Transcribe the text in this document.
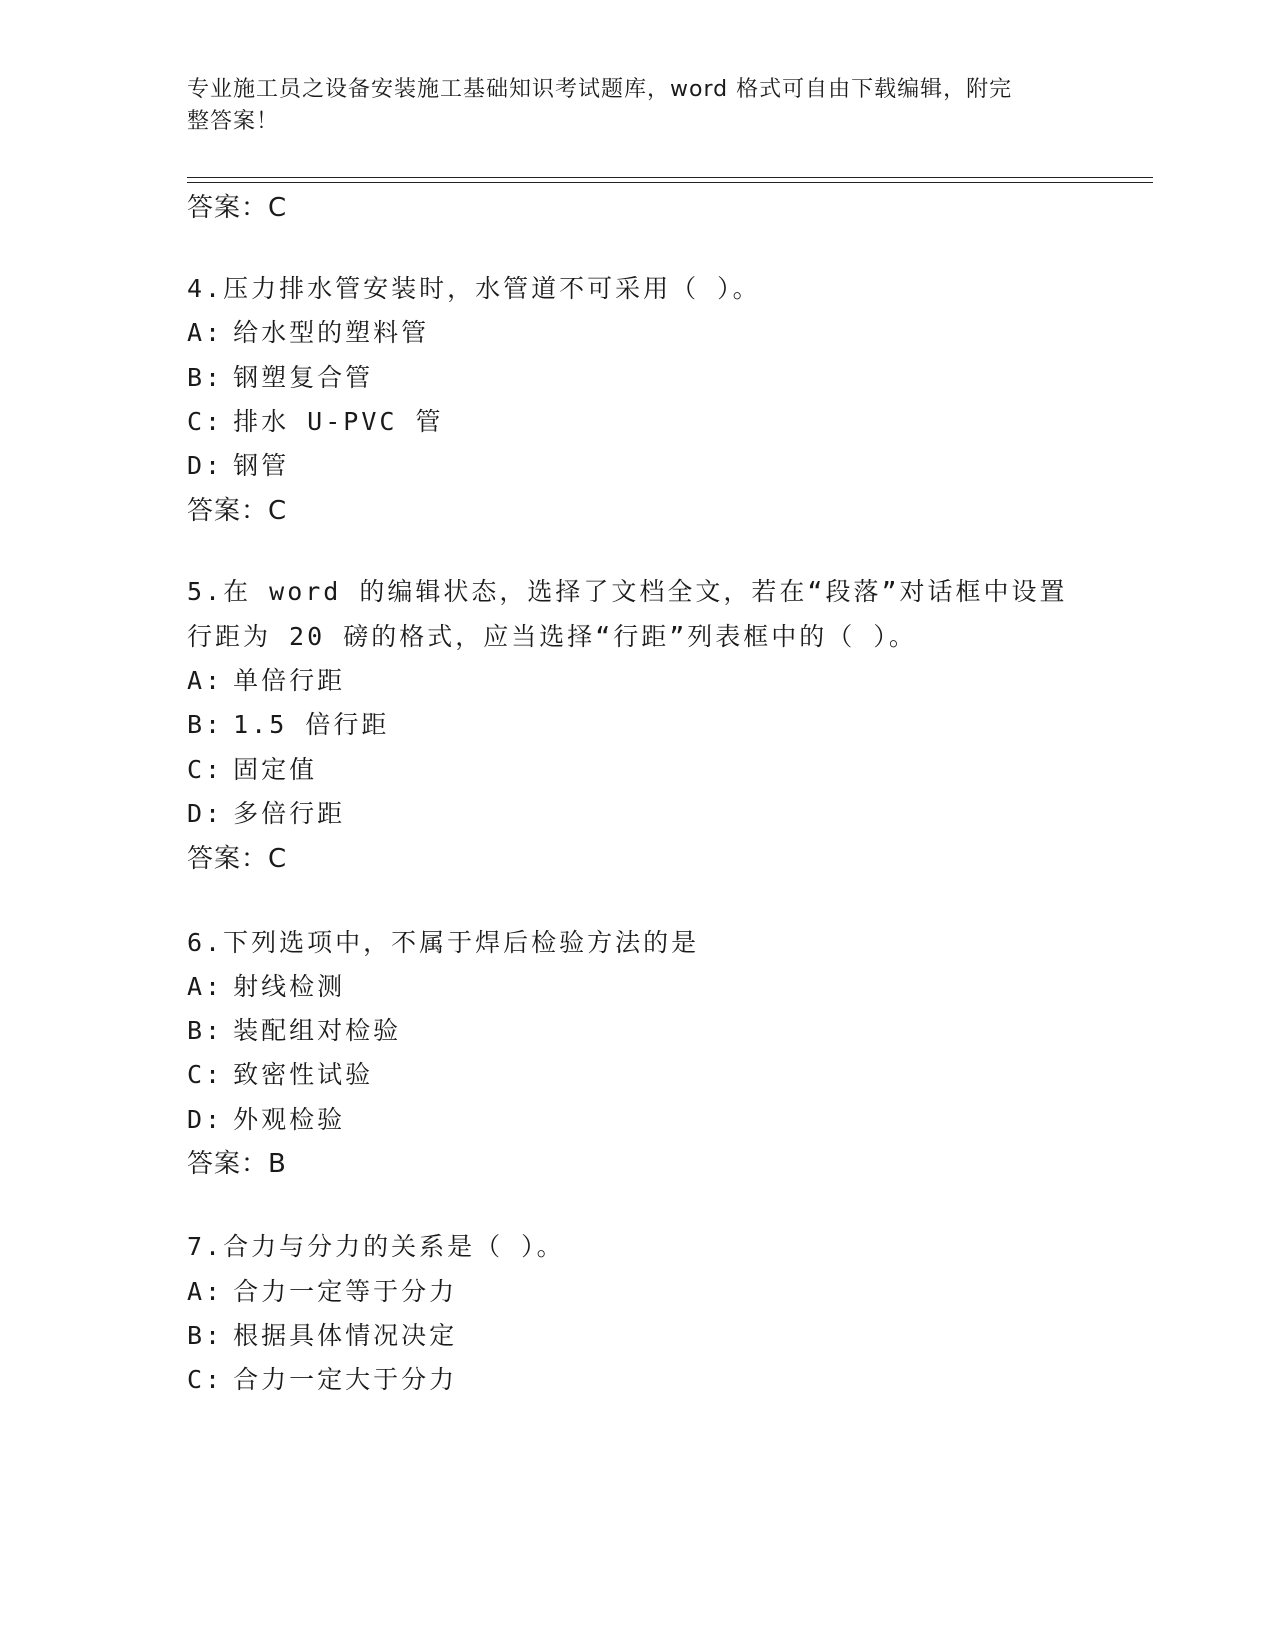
专业施工员之设备安装施工基础知识考试题库，word 格式可自由下载编辑，附完
整答案！
答案：C
4.压力排水管安装时，水管道不可采用（ ）。
A: 给水型的塑料管
B: 钢塑复合管
C: 排水 U-PVC 管
D: 钢管
答案：C
5.在 word 的编辑状态，选择了文档全文，若在“段落”对话框中设置
行距为 20 磅的格式，应当选择“行距”列表框中的（ ）。
A: 单倍行距
B: 1.5 倍行距
C: 固定值
D: 多倍行距
答案：C
6.下列选项中，不属于焊后检验方法的是
A: 射线检测
B: 装配组对检验
C: 致密性试验
D: 外观检验
答案：B
7.合力与分力的关系是（ ）。
A: 合力一定等于分力
B: 根据具体情况决定
C: 合力一定大于分力
